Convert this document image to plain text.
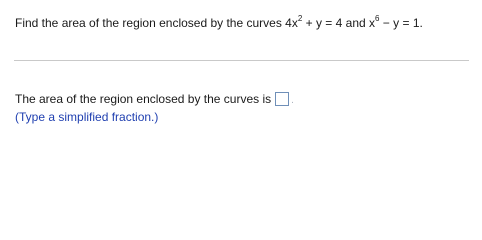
Find the area of the region enclosed by the curves $4x^2 + y = 4$ and $x^6 - y = 1$.
The area of the region enclosed by the curves is .
(Type a simplified fraction.)
